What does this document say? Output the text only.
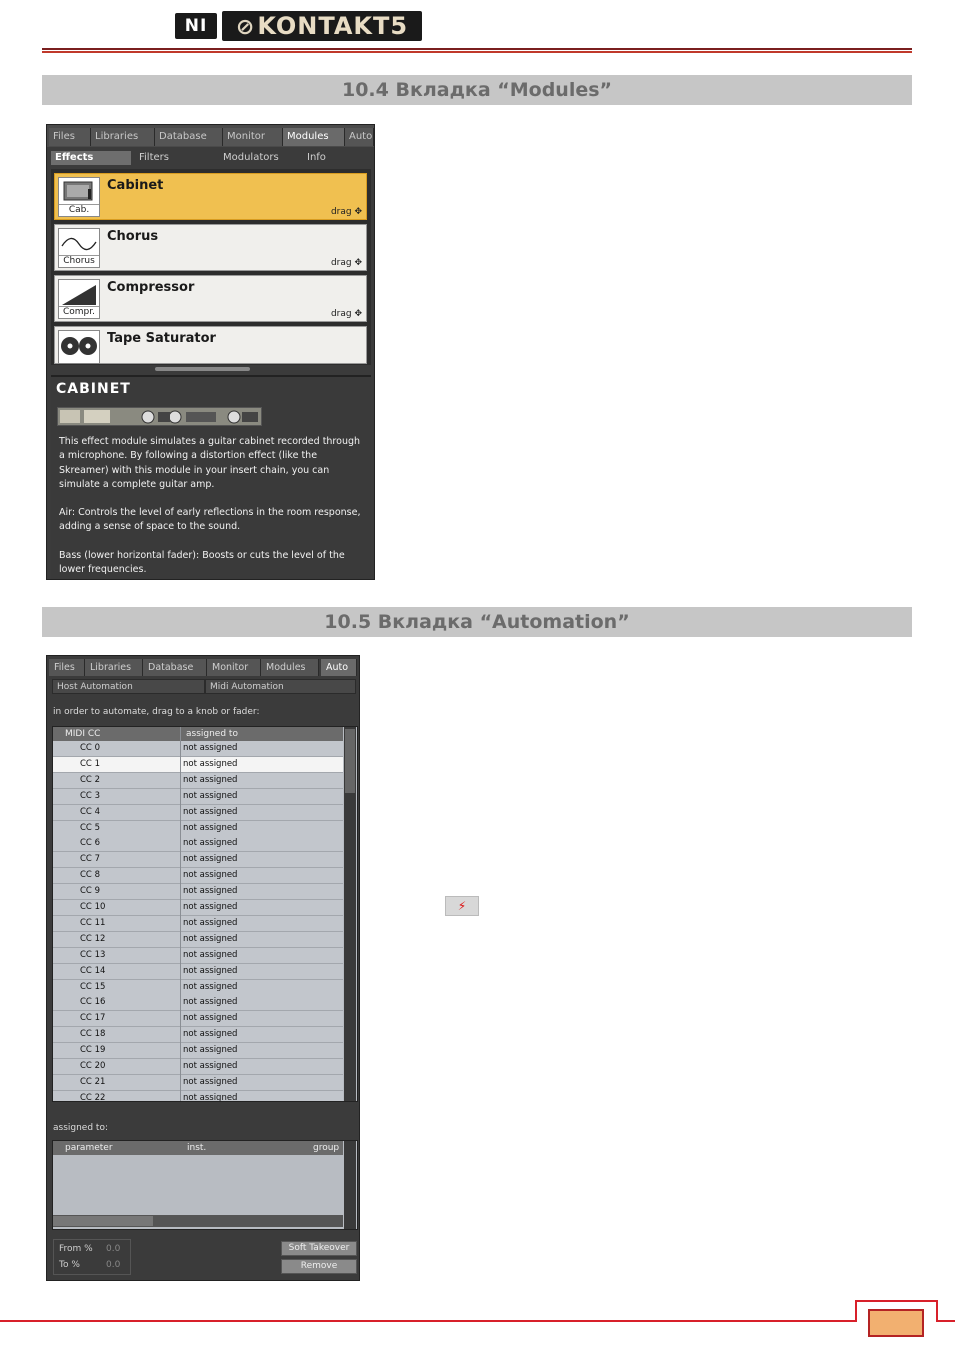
NI	⊘KONTAKT5
10.4 Вкладка “Modules”
Files	Libraries	Database	Monitor	Modules	Auto
Effects	Filters	Modulators	Info
Cab.
Cabinet
drag ✥
Chorus
Chorus
drag ✥
Compr.
Compressor
drag ✥
Tape Saturator
CABINET

This effect module simulates a guitar cabinet recorded through a microphone. By following a distortion effect (like the Skreamer) with this module in your insert chain, you can simulate a complete guitar amp.

Air: Controls the level of early reflections in the room response, adding a sense of space to the sound.

Bass (lower horizontal fader): Boosts or cuts the level of the lower frequencies.

10.5 Вкладка “Automation”
Files	Libraries	Database	Monitor	Modules	Auto
Host Automation	Midi Automation
in order to automate, drag to a knob or fader:
MIDI CC	assigned to
CC 0	not assigned
CC 1	not assigned
CC 2	not assigned
CC 3	not assigned
CC 4	not assigned
CC 5	not assigned
CC 6	not assigned
CC 7	not assigned
CC 8	not assigned
CC 9	not assigned
CC 10	not assigned
CC 11	not assigned
CC 12	not assigned
CC 13	not assigned
CC 14	not assigned
CC 15	not assigned
CC 16	not assigned
CC 17	not assigned
CC 18	not assigned
CC 19	not assigned
CC 20	not assigned
CC 21	not assigned
CC 22	not assigned
assigned to:
parameter	inst.	group
From % 0.0
To %	0.0
Soft Takeover
Remove
⚡
